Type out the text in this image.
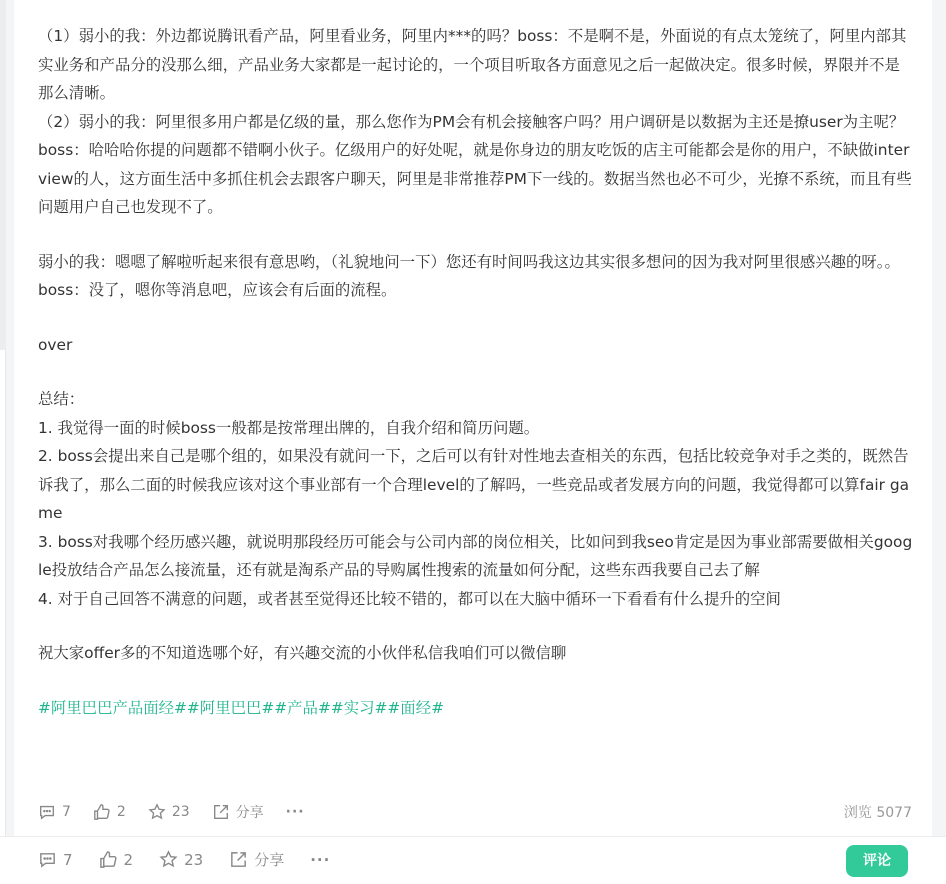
（1）弱小的我：外边都说腾讯看产品，阿里看业务，阿里内***的吗？boss：不是啊不是，外面说的有点太笼统了，阿里内部其实业务和产品分的没那么细，产品业务大家都是一起讨论的，一个项目听取各方面意见之后一起做决定。很多时候，界限并不是那么清晰。

（2）弱小的我：阿里很多用户都是亿级的量，那么您作为PM会有机会接触客户吗？用户调研是以数据为主还是撩user为主呢？boss：哈哈哈你提的问题都不错啊小伙子。亿级用户的好处呢，就是你身边的朋友吃饭的店主可能都会是你的用户，不缺做interview的人，这方面生活中多抓住机会去跟客户聊天，阿里是非常推荐PM下一线的。数据当然也必不可少，光撩不系统，而且有些问题用户自己也发现不了。

弱小的我：嗯嗯了解啦听起来很有意思哟，（礼貌地问一下）您还有时间吗我这边其实很多想问的因为我对阿里很感兴趣的呀。。

boss：没了，嗯你等消息吧，应该会有后面的流程。

over

总结：

1. 我觉得一面的时候boss一般都是按常理出牌的，自我介绍和简历问题。

2. boss会提出来自己是哪个组的，如果没有就问一下，之后可以有针对性地去查相关的东西，包括比较竞争对手之类的，既然告诉我了，那么二面的时候我应该对这个事业部有一个合理level的了解吗，一些竞品或者发展方向的问题，我觉得都可以算fair game

3. boss对我哪个经历感兴趣，就说明那段经历可能会与公司内部的岗位相关，比如问到我seo肯定是因为事业部需要做相关google投放结合产品怎么接流量，还有就是淘系产品的导购属性搜索的流量如何分配，这些东西我要自己去了解

4. 对于自己回答不满意的问题，或者甚至觉得还比较不错的，都可以在大脑中循环一下看看有什么提升的空间

祝大家offer多的不知道选哪个好，有兴趣交流的小伙伴私信我咱们可以微信聊

#阿里巴巴产品面经##阿里巴巴##产品##实习##面经#

7	2	23	分享 ···	浏览 5077
7	2	23	分享 ···	评论
